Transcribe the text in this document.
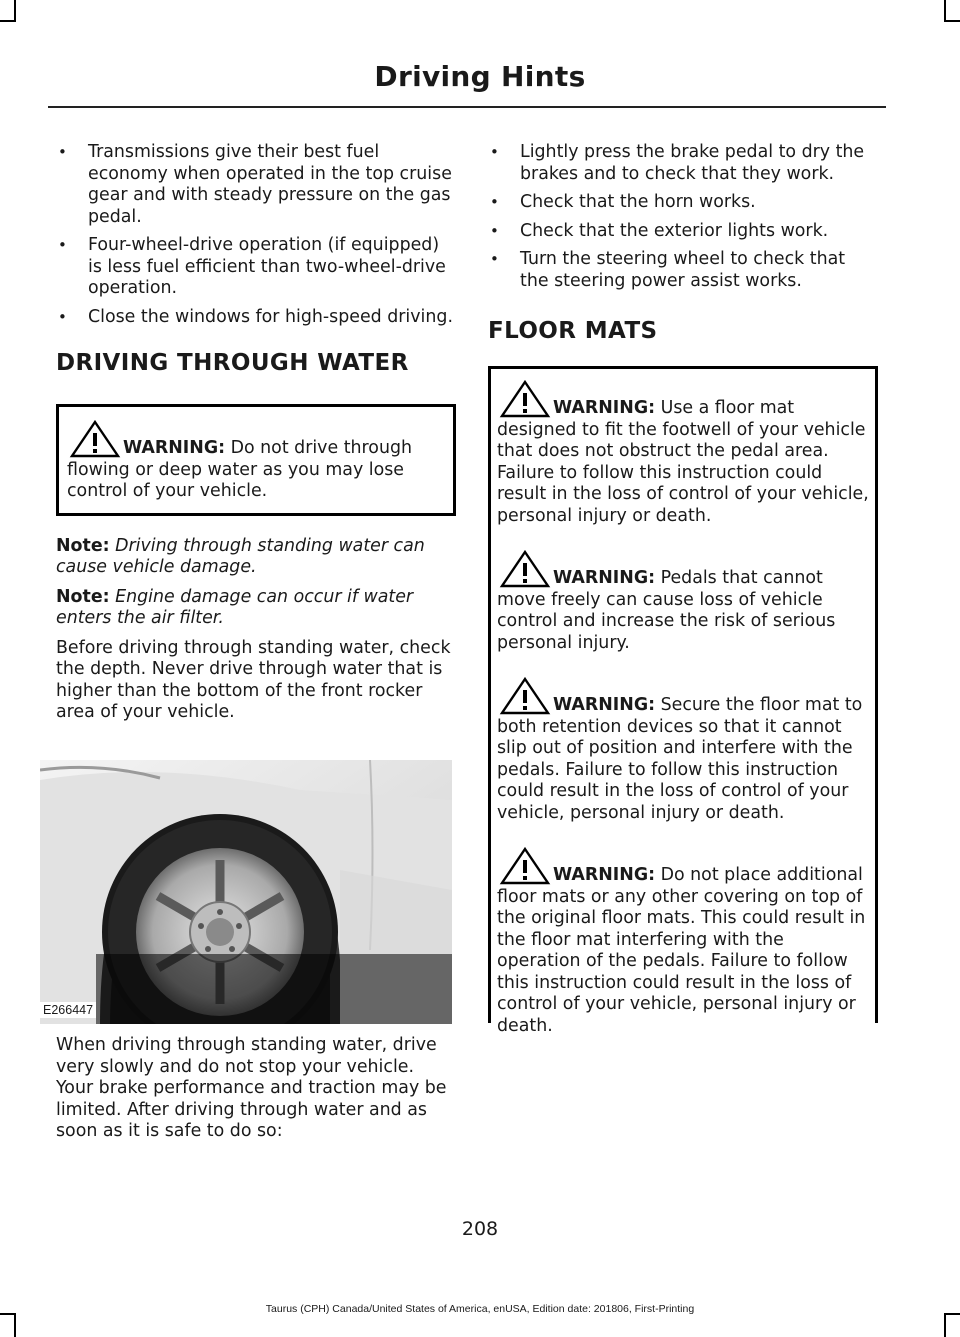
Driving Hints
• Transmissions give their best fuel economy when operated in the top cruise gear and with steady pressure on the gas pedal.
• Four-wheel-drive operation (if equipped) is less fuel efficient than two-wheel-drive operation.
• Close the windows for high-speed driving.
DRIVING THROUGH WATER
WARNING: Do not drive through flowing or deep water as you may lose control of your vehicle.

Note: Driving through standing water can cause vehicle damage.

Note: Engine damage can occur if water enters the air filter.

Before driving through standing water, check the depth. Never drive through water that is higher than the bottom of the front rocker area of your vehicle.

E266447

When driving through standing water, drive very slowly and do not stop your vehicle. Your brake performance and traction may be limited. After driving through water and as soon as it is safe to do so:

• Lightly press the brake pedal to dry the brakes and to check that they work.
• Check that the horn works.
• Check that the exterior lights work.
• Turn the steering wheel to check that the steering power assist works.
FLOOR MATS
WARNING: Use a floor mat designed to fit the footwell of your vehicle that does not obstruct the pedal area. Failure to follow this instruction could result in the loss of control of your vehicle, personal injury or death.
WARNING: Pedals that cannot move freely can cause loss of vehicle control and increase the risk of serious personal injury.
WARNING: Secure the floor mat to both retention devices so that it cannot slip out of position and interfere with the pedals. Failure to follow this instruction could result in the loss of control of your vehicle, personal injury or death.
WARNING: Do not place additional floor mats or any other covering on top of the original floor mats. This could result in the floor mat interfering with the operation of the pedals. Failure to follow this instruction could result in the loss of control of your vehicle, personal injury or death.
208
Taurus (CPH) Canada/United States of America, enUSA, Edition date: 201806, First-Printing
